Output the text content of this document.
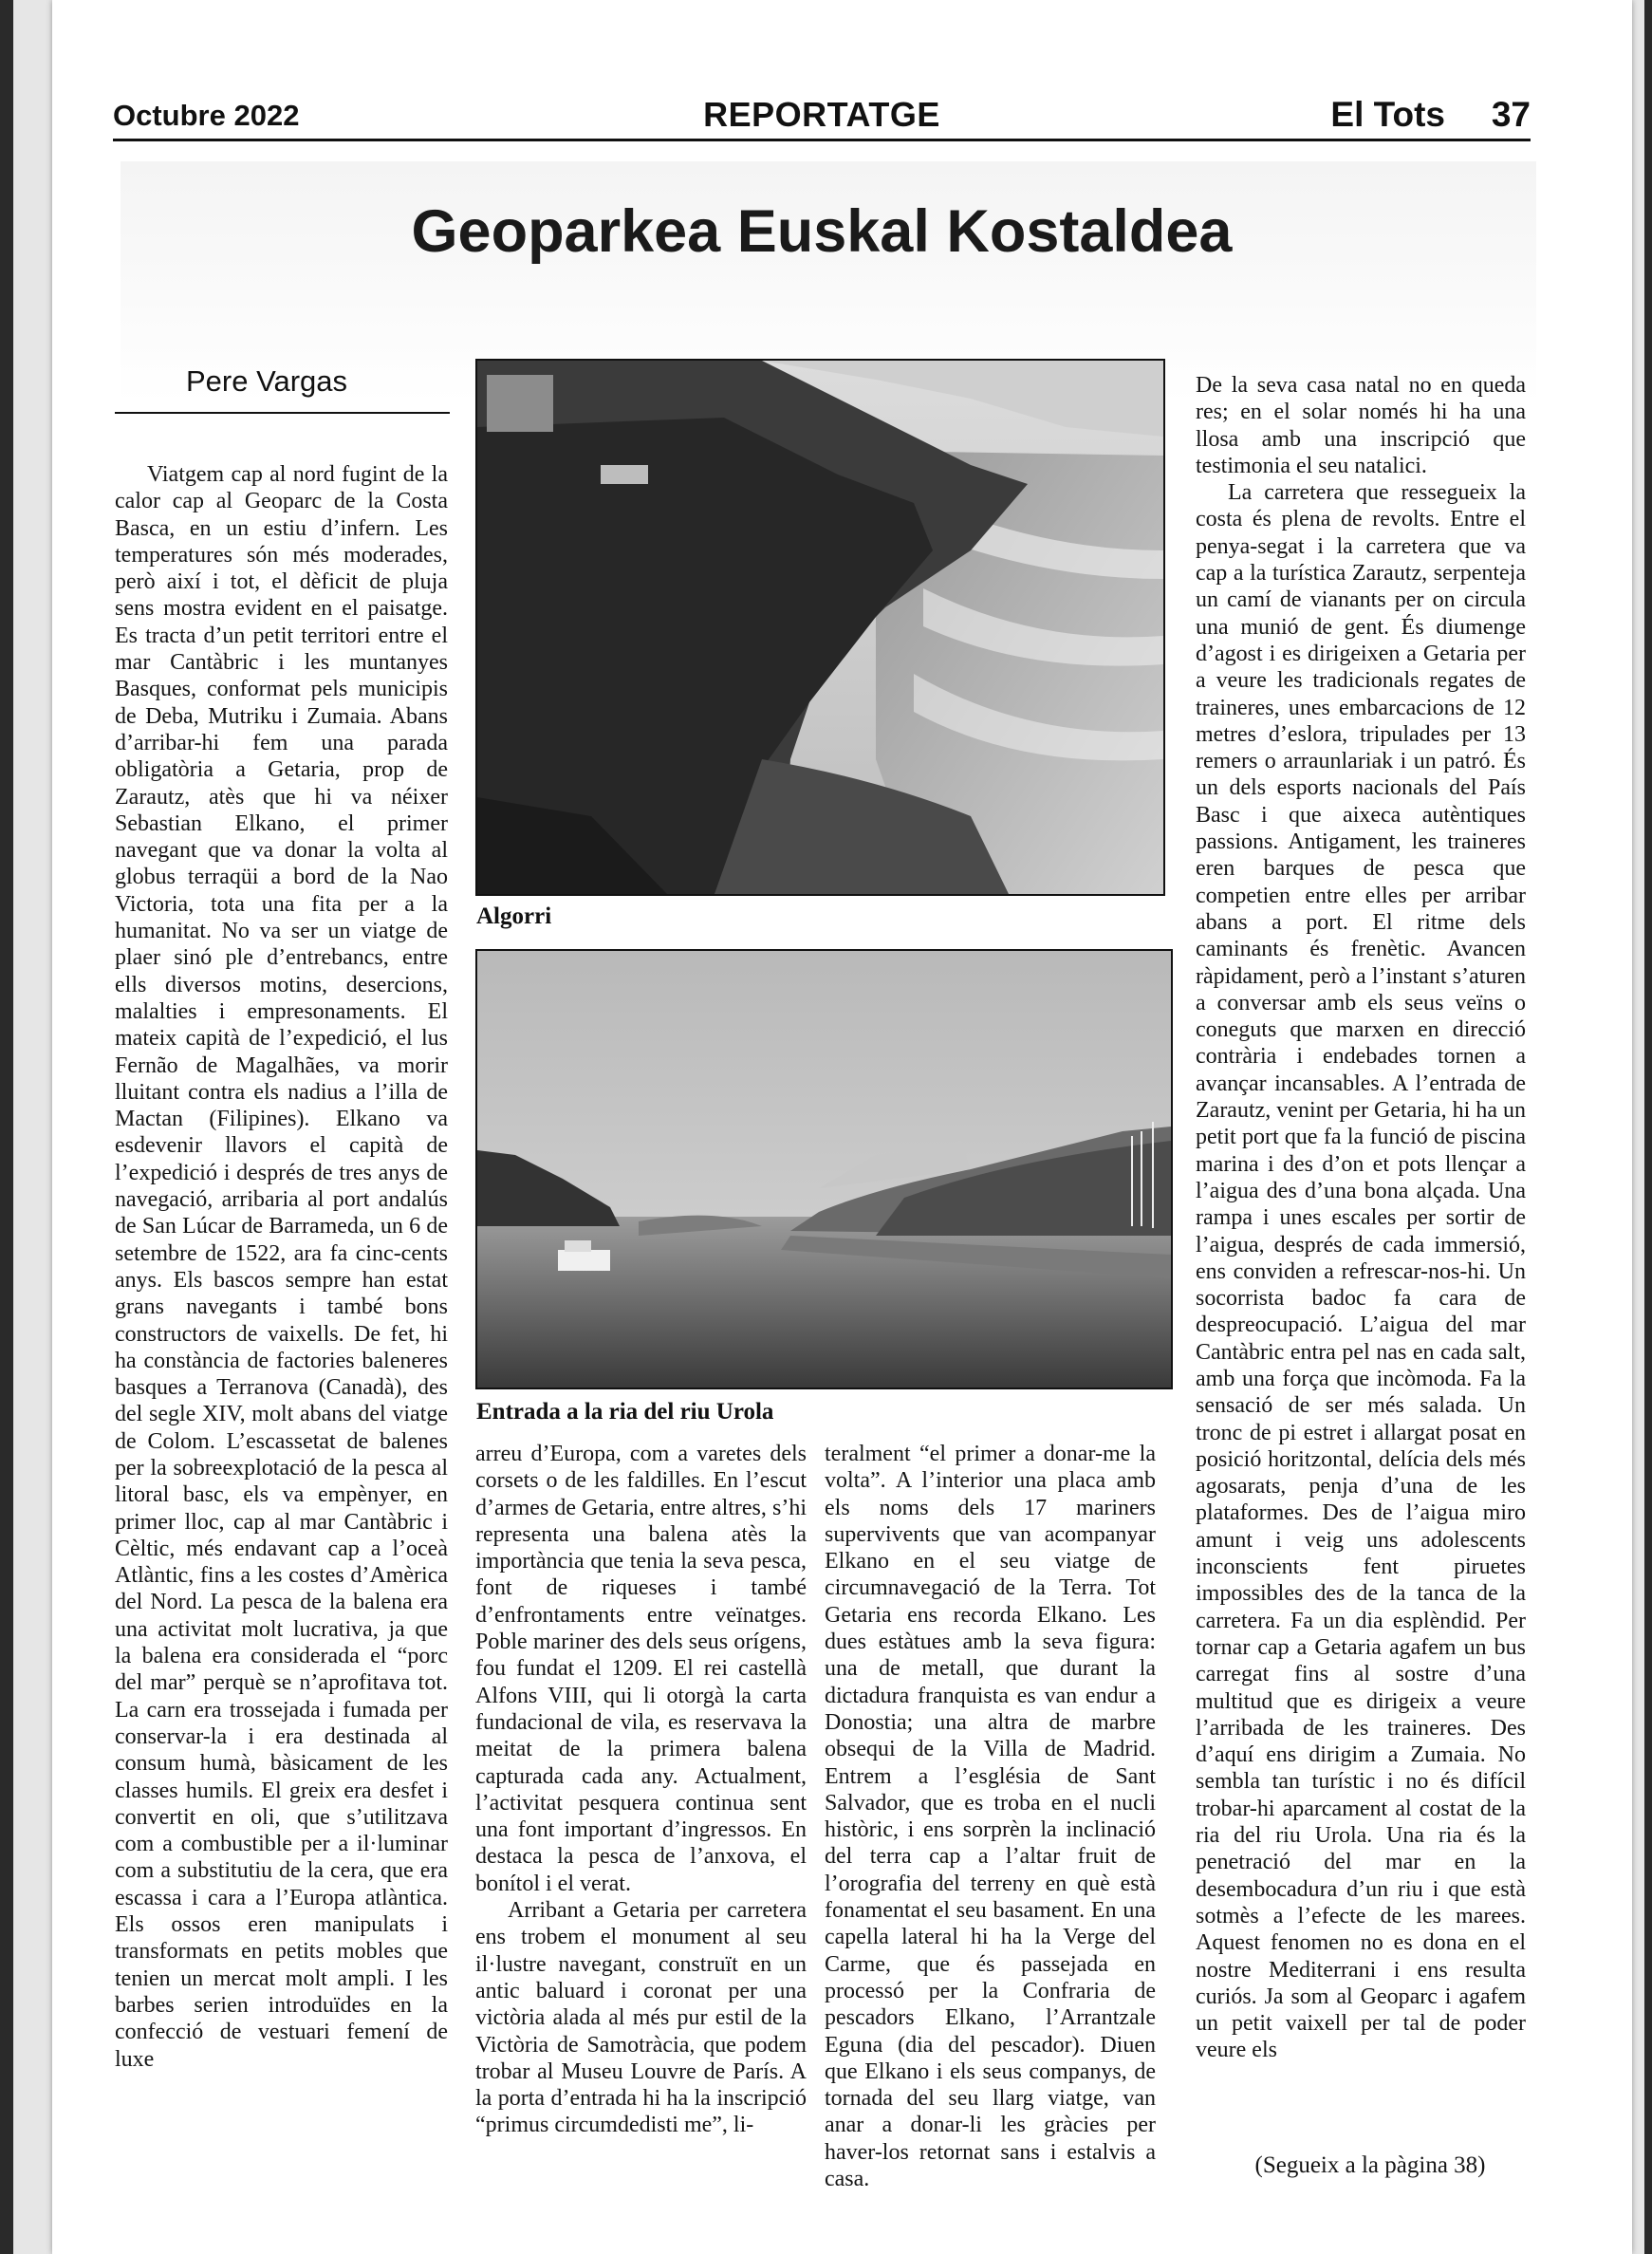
Octubre 2022	REPORTATGE	El Tots 37
Geoparkea Euskal Kostaldea
Pere Vargas

Viatgem cap al nord fugint de la calor cap al Geoparc de la Costa Basca, en un estiu d’infern. Les temperatures són més moderades, però així i tot, el dèficit de pluja sens mostra evident en el paisatge. Es tracta d’un petit territori entre el mar Cantàbric i les muntanyes Basques, conformat pels municipis de Deba, Mutriku i Zumaia. Abans d’arribar-hi fem una parada obligatòria a Getaria, prop de Zarautz, atès que hi va néixer Sebastian Elkano, el primer navegant que va donar la volta al globus terraqüi a bord de la Nao Victoria, tota una fita per a la humanitat. No va ser un viatge de plaer sinó ple d’entrebancs, entre ells diversos motins, desercions, malalties i empresonaments. El mateix capità de l’expedició, el lus Fernão de Magalhães, va morir lluitant contra els nadius a l’illa de Mactan (Filipines). Elkano va esdevenir llavors el capità de l’expedició i després de tres anys de navegació, arribaria al port andalús de San Lúcar de Barrameda, un 6 de setembre de 1522, ara fa cinc-cents anys. Els bascos sempre han estat grans navegants i també bons constructors de vaixells. De fet, hi ha constància de factories baleneres basques a Terranova (Canadà), des del segle XIV, molt abans del viatge de Colom. L’escassetat de balenes per la sobreexplotació de la pesca al litoral basc, els va empènyer, en primer lloc, cap al mar Cantàbric i Cèltic, més endavant cap a l’oceà Atlàntic, fins a les costes d’Amèrica del Nord. La pesca de la balena era una activitat molt lucrativa, ja que la balena era considerada el “porc del mar” perquè se n’aprofitava tot. La carn era trossejada i fumada per conservar-la i era destinada al consum humà, bàsicament de les classes humils. El greix era desfet i convertit en oli, que s’utilitzava com a combustible per a il·luminar com a substitutiu de la cera, que era escassa i cara a l’Europa atlàntica. Els ossos eren manipulats i transformats en petits mobles que tenien un mercat molt ampli. I les barbes serien introduïdes en la confecció de vestuari femení de luxe

Algorri
Entrada a la ria del riu Urola

arreu d’Europa, com a varetes dels corsets o de les faldilles. En l’escut d’armes de Getaria, entre altres, s’hi representa una balena atès la importància que tenia la seva pesca, font de riqueses i també d’enfrontaments entre veïnatges. Poble mariner des dels seus orígens, fou fundat el 1209. El rei castellà Alfons VIII, qui li otorgà la carta fundacional de vila, es reservava la meitat de la primera balena capturada cada any. Actualment, l’activitat pesquera continua sent una font important d’ingressos. En destaca la pesca de l’anxova, el bonítol i el verat.

Arribant a Getaria per carretera ens trobem el monument al seu il·lustre navegant, construït en un antic baluard i coronat per una victòria alada al més pur estil de la Victòria de Samotràcia, que podem trobar al Museu Louvre de París. A la porta d’entrada hi ha la inscripció “primus circumdedisti me”, li-

teralment “el primer a donar-me la volta”. A l’interior una placa amb els noms dels 17 mariners supervivents que van acompanyar Elkano en el seu viatge de circumnavegació de la Terra. Tot Getaria ens recorda Elkano. Les dues estàtues amb la seva figura: una de metall, que durant la dictadura franquista es van endur a Donostia; una altra de marbre obsequi de la Villa de Madrid. Entrem a l’església de Sant Salvador, que es troba en el nucli històric, i ens sorprèn la inclinació del terra cap a l’altar fruit de l’orografia del terreny en què està fonamentat el seu basament. En una capella lateral hi ha la Verge del Carme, que és passejada en processó per la Confraria de pescadors Elkano, l’Arrantzale Eguna (dia del pescador). Diuen que Elkano i els seus companys, de tornada del seu llarg viatge, van anar a donar-li les gràcies per haver-los retornat sans i estalvis a casa.

De la seva casa natal no en queda res; en el solar només hi ha una llosa amb una inscripció que testimonia el seu natalici.

La carretera que ressegueix la costa és plena de revolts. Entre el penya-segat i la carretera que va cap a la turística Zarautz, serpenteja un camí de vianants per on circula una munió de gent. És diumenge d’agost i es dirigeixen a Getaria per a veure les tradicionals regates de traineres, unes embarcacions de 12 metres d’eslora, tripulades per 13 remers o arraunlariak i un patró. És un dels esports nacionals del País Basc i que aixeca autèntiques passions. Antigament, les traineres eren barques de pesca que competien entre elles per arribar abans a port. El ritme dels caminants és frenètic. Avancen ràpidament, però a l’instant s’aturen a conversar amb els seus veïns o coneguts que marxen en direcció contrària i endebades tornen a avançar incansables. A l’entrada de Zarautz, venint per Getaria, hi ha un petit port que fa la funció de piscina marina i des d’on et pots llençar a l’aigua des d’una bona alçada. Una rampa i unes escales per sortir de l’aigua, després de cada immersió, ens conviden a refrescar-nos-hi. Un socorrista badoc fa cara de despreocupació. L’aigua del mar Cantàbric entra pel nas en cada salt, amb una força que incòmoda. Fa la sensació de ser més salada. Un tronc de pi estret i allargat posat en posició horitzontal, delícia dels més agosarats, penja d’una de les plataformes. Des de l’aigua miro amunt i veig uns adolescents inconscients fent piruetes impossibles des de la tanca de la carretera. Fa un dia esplèndid. Per tornar cap a Getaria agafem un bus carregat fins al sostre d’una multitud que es dirigeix a veure l’arribada de les traineres. Des d’aquí ens dirigim a Zumaia. No sembla tan turístic i no és difícil trobar-hi aparcament al costat de la ria del riu Urola. Una ria és la penetració del mar en la desembocadura d’un riu i que està sotmès a l’efecte de les marees. Aquest fenomen no es dona en el nostre Mediterrani i ens resulta curiós. Ja som al Geoparc i agafem un petit vaixell per tal de poder veure els

(Segueix a la pàgina 38)
